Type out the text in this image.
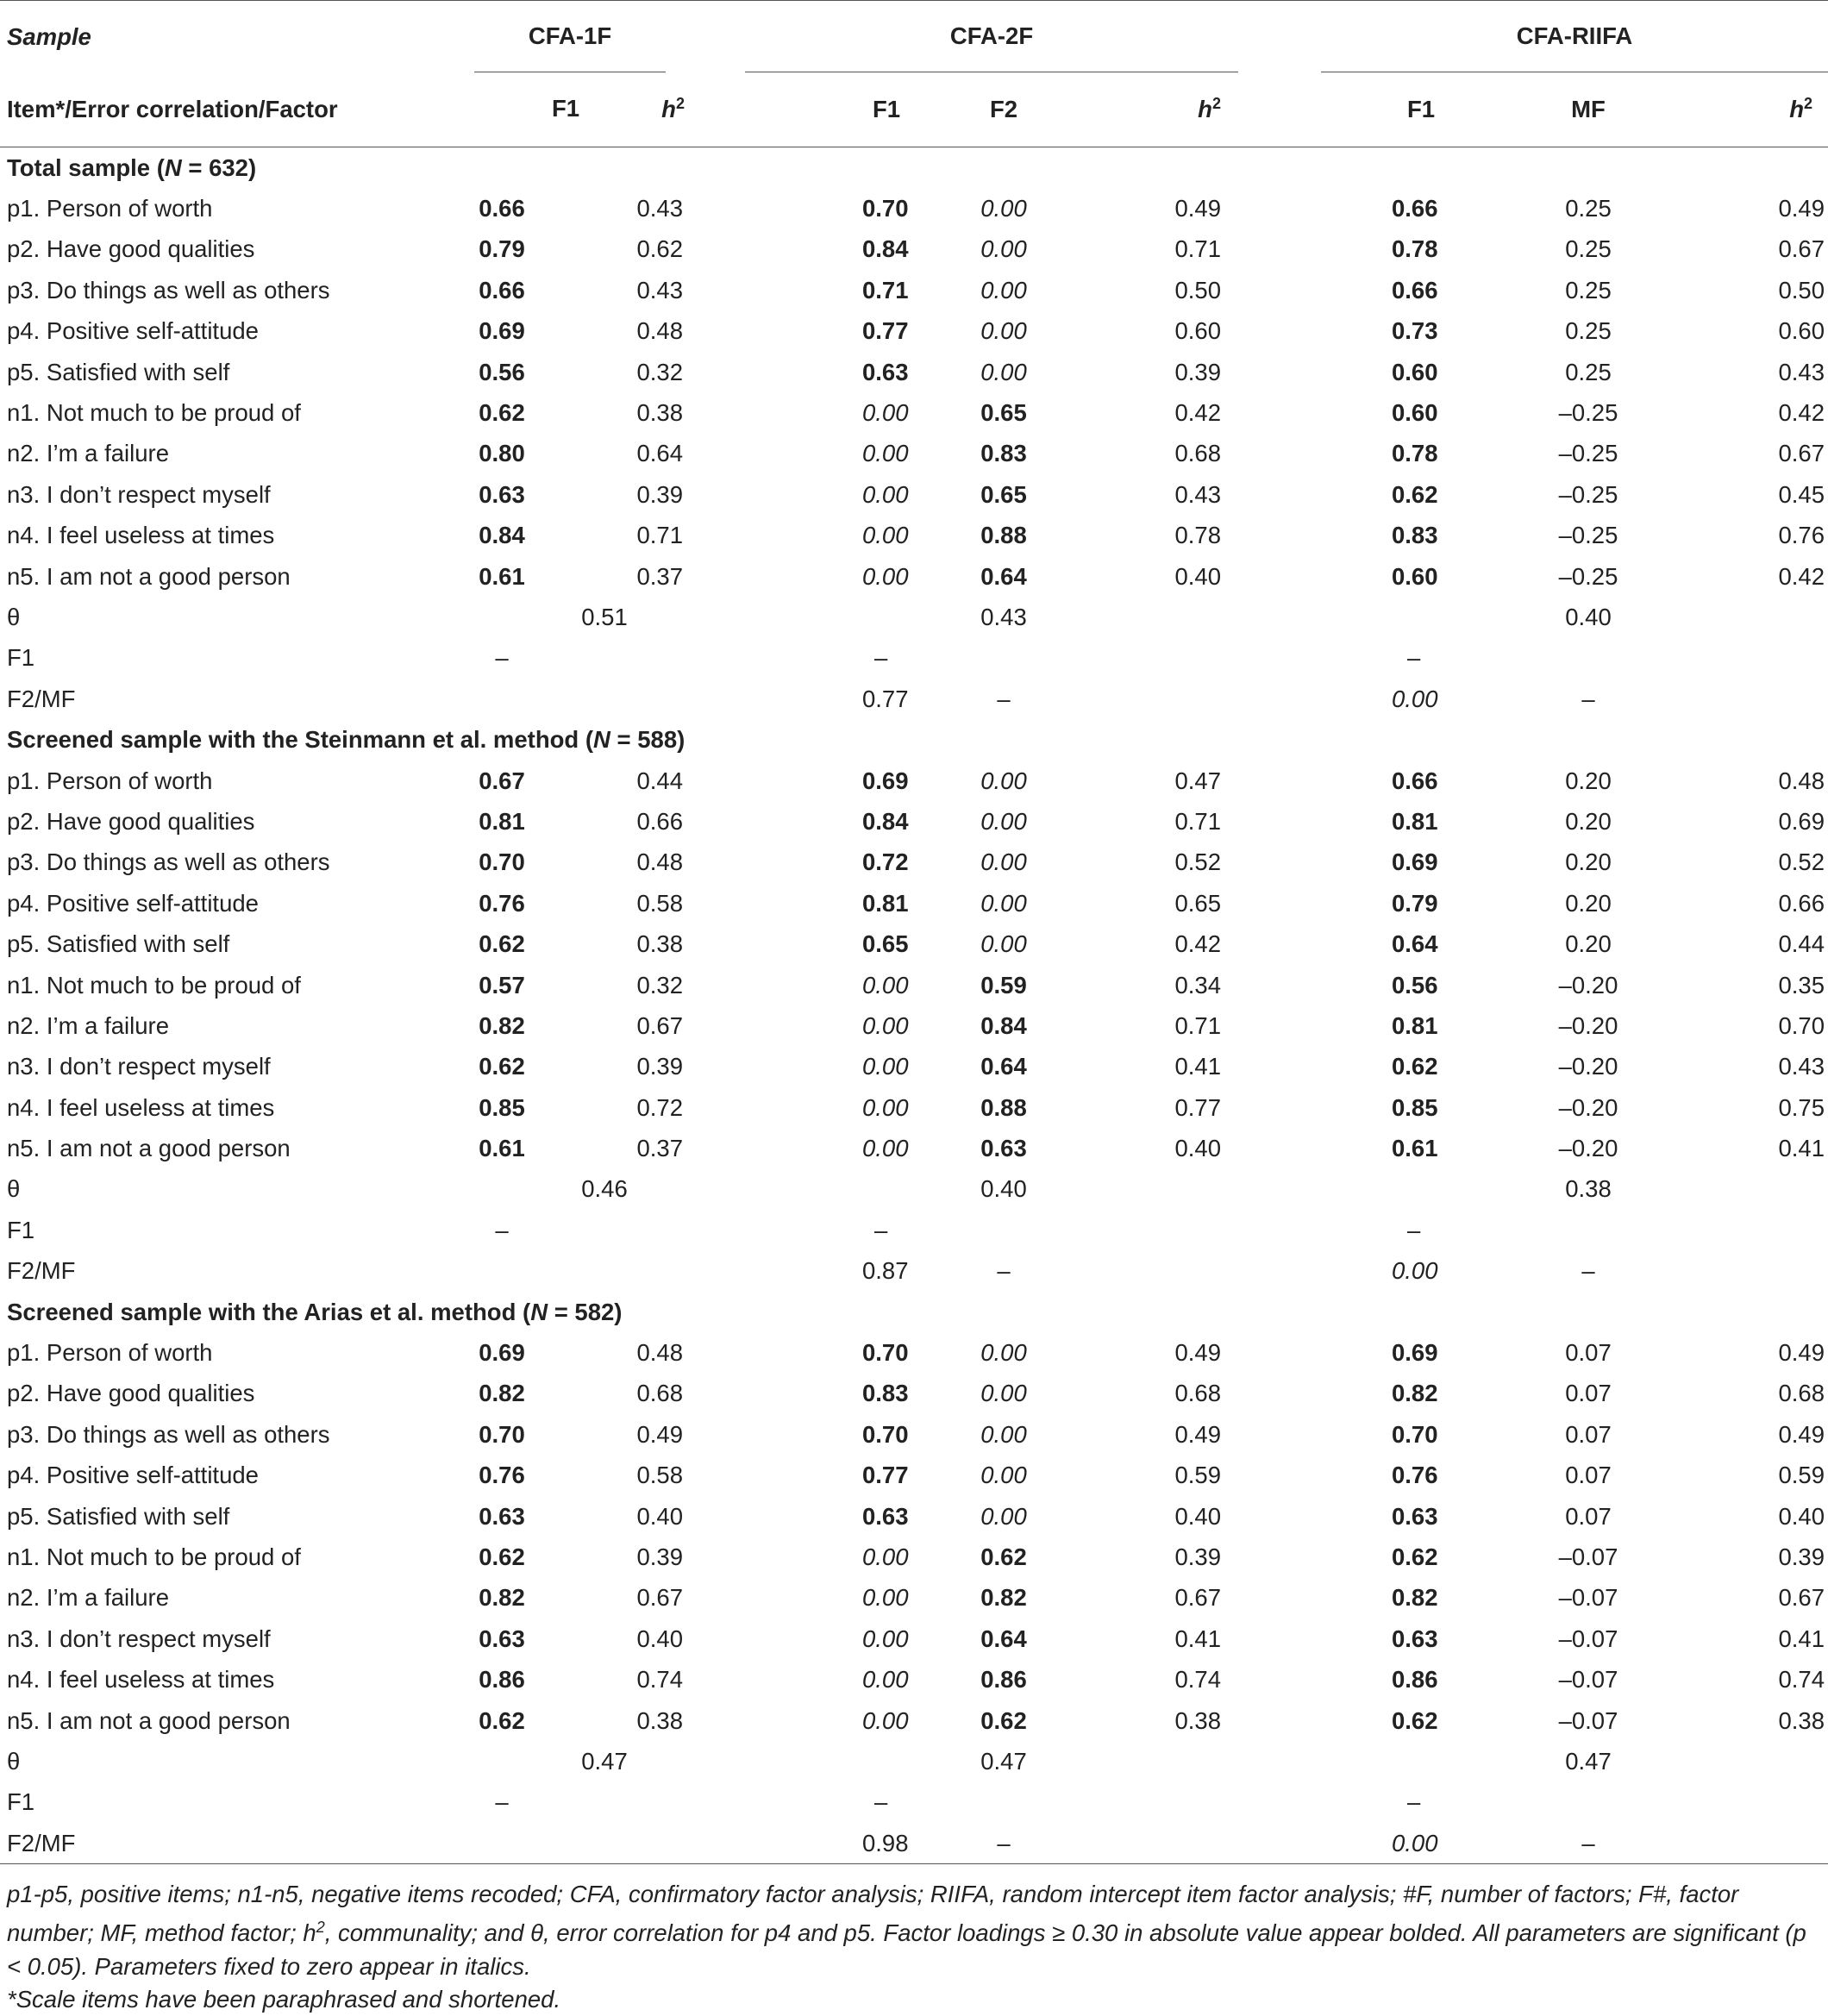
Sample	CFA-1F			CFA-2F				CFA-RIIFA		

Item*/Error correlation/Factor	F1 $h^2$			F1	F2	$h^2$		F1	MF	$h^2$
Total sample (N = 632)										
p1. Person of worth	0.66	0.43		0.70	0.00	0.49		0.66	0.25	0.49
p2. Have good qualities	0.79	0.62		0.84	0.00	0.71		0.78	0.25	0.67
p3. Do things as well as others	0.66	0.43		0.71	0.00	0.50		0.66	0.25	0.50
p4. Positive self-attitude	0.69	0.48		0.77	0.00	0.60		0.73	0.25	0.60
p5. Satisfied with self	0.56	0.32		0.63	0.00	0.39		0.60	0.25	0.43
n1. Not much to be proud of	0.62	0.38		0.00	0.65	0.42		0.60	–0.25	0.42
n2. I’m a failure	0.80	0.64		0.00	0.83	0.68		0.78	–0.25	0.67
n3. I don’t respect myself	0.63	0.39		0.00	0.65	0.43		0.62	–0.25	0.45
n4. I feel useless at times	0.84	0.71		0.00	0.88	0.78		0.83	–0.25	0.76
n5. I am not a good person	0.61	0.37		0.00	0.64	0.40		0.60	–0.25	0.42
θ	0.51				0.43				0.40	
F1	–			–				–		
F2/MF				0.77	–			0.00	–	
Screened sample with the Steinmann et al. method (N = 588)										
p1. Person of worth	0.67	0.44		0.69	0.00	0.47		0.66	0.20	0.48
p2. Have good qualities	0.81	0.66		0.84	0.00	0.71		0.81	0.20	0.69
p3. Do things as well as others	0.70	0.48		0.72	0.00	0.52		0.69	0.20	0.52
p4. Positive self-attitude	0.76	0.58		0.81	0.00	0.65		0.79	0.20	0.66
p5. Satisfied with self	0.62	0.38		0.65	0.00	0.42		0.64	0.20	0.44
n1. Not much to be proud of	0.57	0.32		0.00	0.59	0.34		0.56	–0.20	0.35
n2. I’m a failure	0.82	0.67		0.00	0.84	0.71		0.81	–0.20	0.70
n3. I don’t respect myself	0.62	0.39		0.00	0.64	0.41		0.62	–0.20	0.43
n4. I feel useless at times	0.85	0.72		0.00	0.88	0.77		0.85	–0.20	0.75
n5. I am not a good person	0.61	0.37		0.00	0.63	0.40		0.61	–0.20	0.41
θ	0.46				0.40				0.38	
F1	–			–				–		
F2/MF				0.87	–			0.00	–	
Screened sample with the Arias et al. method (N = 582)										
p1. Person of worth	0.69	0.48		0.70	0.00	0.49		0.69	0.07	0.49
p2. Have good qualities	0.82	0.68		0.83	0.00	0.68		0.82	0.07	0.68
p3. Do things as well as others	0.70	0.49		0.70	0.00	0.49		0.70	0.07	0.49
p4. Positive self-attitude	0.76	0.58		0.77	0.00	0.59		0.76	0.07	0.59
p5. Satisfied with self	0.63	0.40		0.63	0.00	0.40		0.63	0.07	0.40
n1. Not much to be proud of	0.62	0.39		0.00	0.62	0.39		0.62	–0.07	0.39
n2. I’m a failure	0.82	0.67		0.00	0.82	0.67		0.82	–0.07	0.67
n3. I don’t respect myself	0.63	0.40		0.00	0.64	0.41		0.63	–0.07	0.41
n4. I feel useless at times	0.86	0.74		0.00	0.86	0.74		0.86	–0.07	0.74
n5. I am not a good person	0.62	0.38		0.00	0.62	0.38		0.62	–0.07	0.38
θ	0.47				0.47				0.47	
F1	–			–				–		
F2/MF				0.98	–			0.00	–	

p1-p5, positive items; n1-n5, negative items recoded; CFA, confirmatory factor analysis; RIIFA, random intercept item factor analysis; #F, number of factors; F#, factor number; MF, method factor; $h^2$, communality; and θ, error correlation for p4 and p5. Factor loadings ≥ 0.30 in absolute value appear bolded. All parameters are significant (p < 0.05). Parameters fixed to zero appear in italics.

*Scale items have been paraphrased and shortened.
